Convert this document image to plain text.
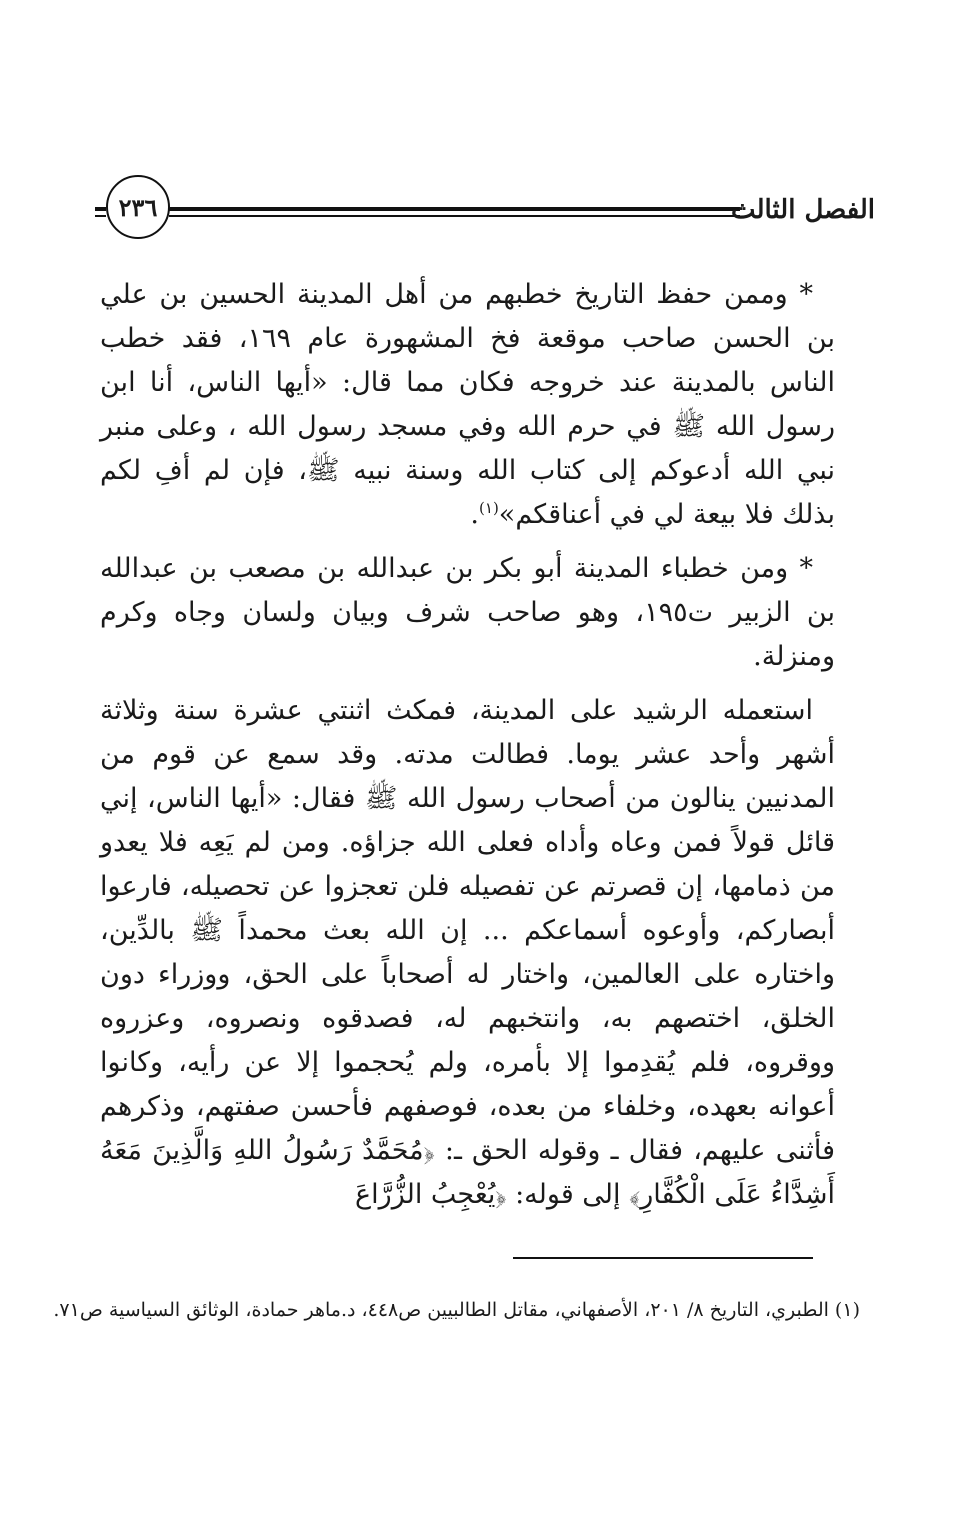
٢٣٦	الفصل الثالث

* وممن حفظ التاريخ خطبهم من أهل المدينة الحسين بن علي بن الحسن صاحب موقعة فخ المشهورة عام ١٦٩، فقد خطب الناس بالمدينة عند خروجه فكان مما قال: «أيها الناس، أنا ابن رسول الله ﷺ في حرم الله وفي مسجد رسول الله ، وعلى منبر نبي الله أدعوكم إلى كتاب الله وسنة نبيه ﷺ، فإن لم أفِ لكم بذلك فلا بيعة لي في أعناقكم»$^{(١)}$.

* ومن خطباء المدينة أبو بكر بن عبدالله بن مصعب بن عبدالله بن الزبير ت١٩٥، وهو صاحب شرف وبيان ولسان وجاه وكرم ومنزلة.

استعمله الرشيد على المدينة، فمكث اثنتي عشرة سنة وثلاثة أشهر وأحد عشر يوما. فطالت مدته. وقد سمع عن قوم من المدنيين ينالون من أصحاب رسول الله ﷺ فقال: «أيها الناس، إني قائل قولاً فمن وعاه وأداه فعلى الله جزاؤه. ومن لم يَعِه فلا يعدو من ذمامها، إن قصرتم عن تفصيله فلن تعجزوا عن تحصيله، فارعوا أبصاركم، وأوعوه أسماعكم ... إن الله بعث محمداً ﷺ بالدِّين، واختاره على العالمين، واختار له أصحاباً على الحق، ووزراء دون الخلق، اختصهم به، وانتخبهم له، فصدقوه ونصروه، وعزروه ووقروه، فلم يُقدِموا إلا بأمره، ولم يُحجموا إلا عن رأيه، وكانوا أعوانه بعهده، وخلفاء من بعده، فوصفهم فأحسن صفتهم، وذكرهم فأثنى عليهم، فقال ـ وقوله الحق ـ: ﴿مُحَمَّدٌ رَسُولُ اللهِ وَالَّذِينَ مَعَهُ أَشِدَّاءُ عَلَى الْكُفَّارِ﴾ إلى قوله: ﴿يُعْجِبُ الزُّرَّاعَ

(١) الطبري، التاريخ ٨/ ٢٠١، الأصفهاني، مقاتل الطالبيين ص٤٤٨، د.ماهر حمادة، الوثائق السياسية ص٧١.
